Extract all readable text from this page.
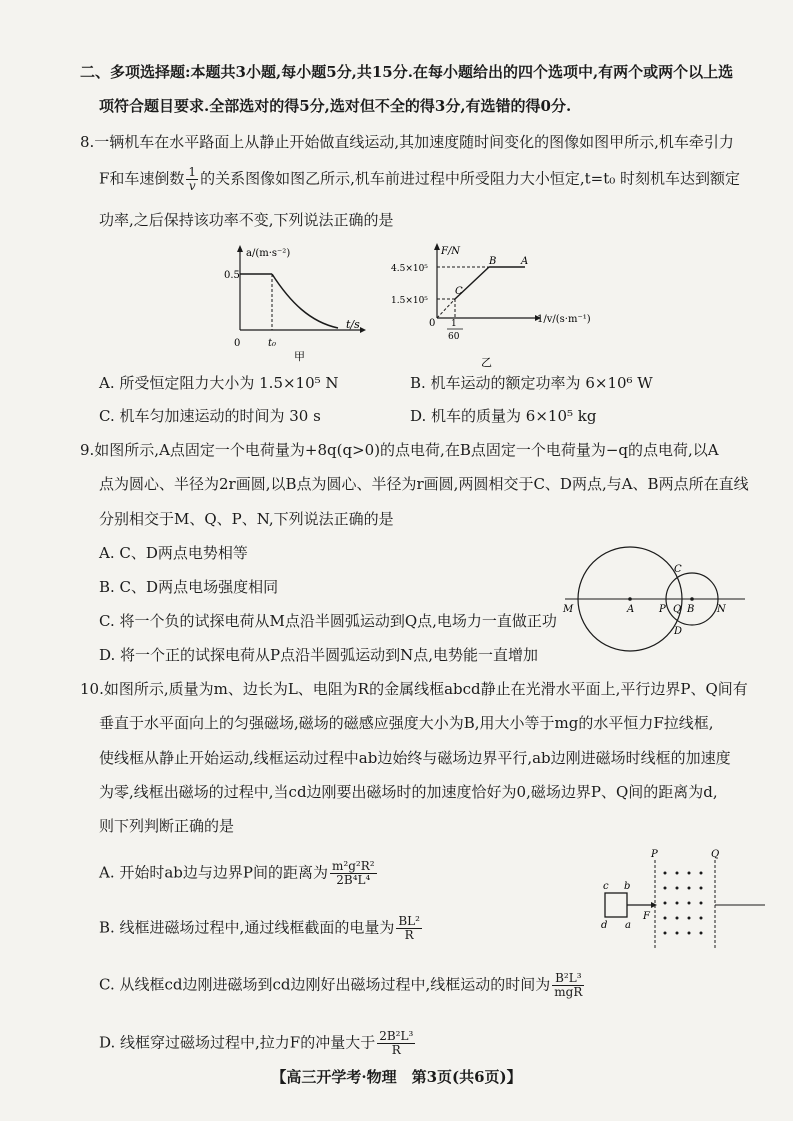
二、多项选择题:本题共3小题,每小题5分,共15分.在每小题给出的四个选项中,有两个或两个以上选
项符合题目要求.全部选对的得5分,选对但不全的得3分,有选错的得0分.
8.一辆机车在水平路面上从静止开始做直线运动,其加速度随时间变化的图像如图甲所示,机车牵引力
F和车速倒数 $\frac{1}{v}$ 的关系图像如图乙所示,机车前进过程中所受阻力大小恒定,t=t₀ 时刻机车达到额定
功率,之后保持该功率不变,下列说法正确的是
a/(m·s⁻²)
0.5
0	t₀
t/s
甲
F/N
4.5×10⁵
1.5×10⁵
0 1
60
1/v/(s·m⁻¹)
A
B
C
乙
A. 所受恒定阻力大小为 1.5×10⁵ N	B. 机车运动的额定功率为 6×10⁶ W
C. 机车匀加速运动的时间为 30 s	D. 机车的质量为 6×10⁵ kg
9.如图所示,A点固定一个电荷量为+8q(q>0)的点电荷,在B点固定一个电荷量为−q的点电荷,以A
点为圆心、半径为2r画圆,以B点为圆心、半径为r画圆,两圆相交于C、D两点,与A、B两点所在直线
分别相交于M、Q、P、N,下列说法正确的是
A. C、D两点电势相等
B. C、D两点电场强度相同
C. 将一个负的试探电荷从M点沿半圆弧运动到Q点,电场力一直做正功
D. 将一个正的试探电荷从P点沿半圆弧运动到N点,电势能一直增加
M	A P Q B N
C
D
10.如图所示,质量为m、边长为L、电阻为R的金属线框abcd静止在光滑水平面上,平行边界P、Q间有
垂直于水平面向上的匀强磁场,磁场的磁感应强度大小为B,用大小等于mg的水平恒力F拉线框,
使线框从静止开始运动,线框运动过程中ab边始终与磁场边界平行,ab边刚进磁场时线框的加速度
为零,线框出磁场的过程中,当cd边刚要出磁场时的加速度恰好为0,磁场边界P、Q间的距离为d,
则下列判断正确的是
A. 开始时ab边与边界P间的距离为 $\frac{\text{m²g²R²}}{\text{2B⁴L⁴}}$
B. 线框进磁场过程中,通过线框截面的电量为 $\frac{\text{BL²}}{R}$
C. 从线框cd边刚进磁场到cd边刚好出磁场过程中,线框运动的时间为 $\frac{\text{B²L³}}{\text{mgR}}$
D. 线框穿过磁场过程中,拉力F的冲量大于 $\frac{\text{2B²L³}}{R}$
P	Q
c b
d a
F
【高三开学考·物理　第3页(共6页)】
